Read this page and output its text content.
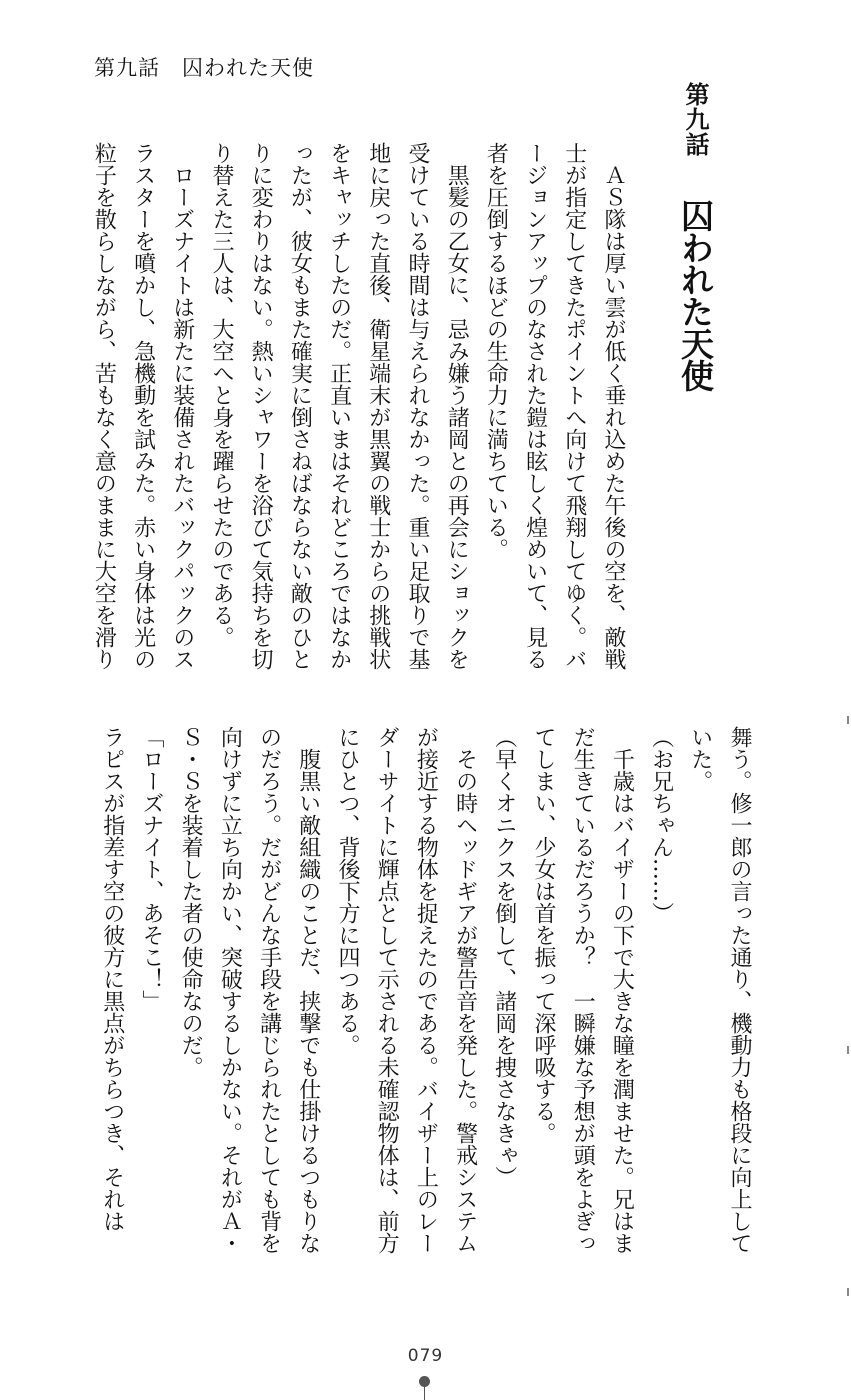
第九話　囚われた天使
第九話囚われた天使
　ＡＳ隊は厚い雲が低く垂れ込めた午後の空を、敵戦
士が指定してきたポイントへ向けて飛翔してゆく。バ
ージョンアップのなされた鎧は眩しく煌めいて、見る
者を圧倒するほどの生命力に満ちている。
　黒髪の乙女に、忌み嫌う諸岡との再会にショックを
受けている時間は与えられなかった。重い足取りで基
地に戻った直後、衛星端末が黒翼の戦士からの挑戦状
をキャッチしたのだ。正直いまはそれどころではなか
ったが、彼女もまた確実に倒さねばならない敵のひと
りに変わりはない。熱いシャワーを浴びて気持ちを切
り替えた三人は、大空へと身を躍らせたのである。
　ローズナイトは新たに装備されたバックパックのス
ラスターを噴かし、急機動を試みた。赤い身体は光の
粒子を散らしながら、苦もなく意のままに大空を滑り
舞う。修一郎の言った通り、機動力も格段に向上して
いた。
（お兄ちゃん……）
　千歳はバイザーの下で大きな瞳を潤ませた。兄はま
だ生きているだろうか？　一瞬嫌な予想が頭をよぎっ
てしまい、少女は首を振って深呼吸する。
（早くオニクスを倒して、諸岡を捜さなきゃ）
　その時ヘッドギアが警告音を発した。警戒システム
が接近する物体を捉えたのである。バイザー上のレー
ダーサイトに輝点として示される未確認物体は、前方
にひとつ、背後下方に四つある。
　腹黒い敵組織のことだ、挟撃でも仕掛けるつもりな
のだろう。だがどんな手段を講じられたとしても背を
向けずに立ち向かい、突破するしかない。それがＡ・
Ｓ・Ｓを装着した者の使命なのだ。
「ローズナイト、あそこ！」
ラピスが指差す空の彼方に黒点がちらつき、それは
079
